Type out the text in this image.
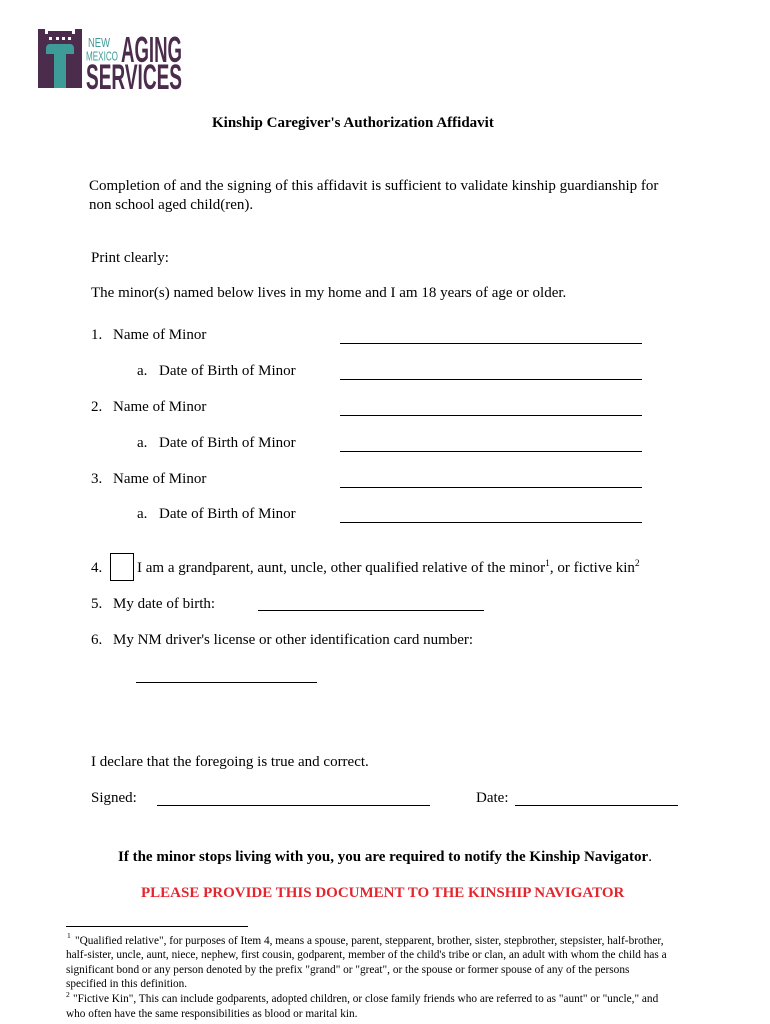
NEW
MEXICO AGING
SERVICES
Kinship Caregiver's Authorization Affidavit
Completion of and the signing of this affidavit is sufficient to validate kinship guardianship for
non school aged child(ren).
Print clearly:
The minor(s) named below lives in my home and I am 18 years of age or older.
1. Name of Minor
a. Date of Birth of Minor
2. Name of Minor
a. Date of Birth of Minor
3. Name of Minor
a. Date of Birth of Minor
4. I am a grandparent, aunt, uncle, other qualified relative of the minor$^1$, or fictive kin$^2$
5. My date of birth:
6. My NM driver's license or other identification card number:
I declare that the foregoing is true and correct.
Signed:	Date:
If the minor stops living with you, you are required to notify the Kinship Navigator.
PLEASE PROVIDE THIS DOCUMENT TO THE KINSHIP NAVIGATOR
1 "Qualified relative", for purposes of Item 4, means a spouse, parent, stepparent, brother, sister, stepbrother, stepsister, half-brother,
half-sister, uncle, aunt, niece, nephew, first cousin, godparent, member of the child's tribe or clan, an adult with whom the child has a
significant bond or any person denoted by the prefix "grand" or "great", or the spouse or former spouse of any of the persons
specified in this definition.
2 "Fictive Kin", This can include godparents, adopted children, or close family friends who are referred to as "aunt" or "uncle," and
who often have the same responsibilities as blood or marital kin.
